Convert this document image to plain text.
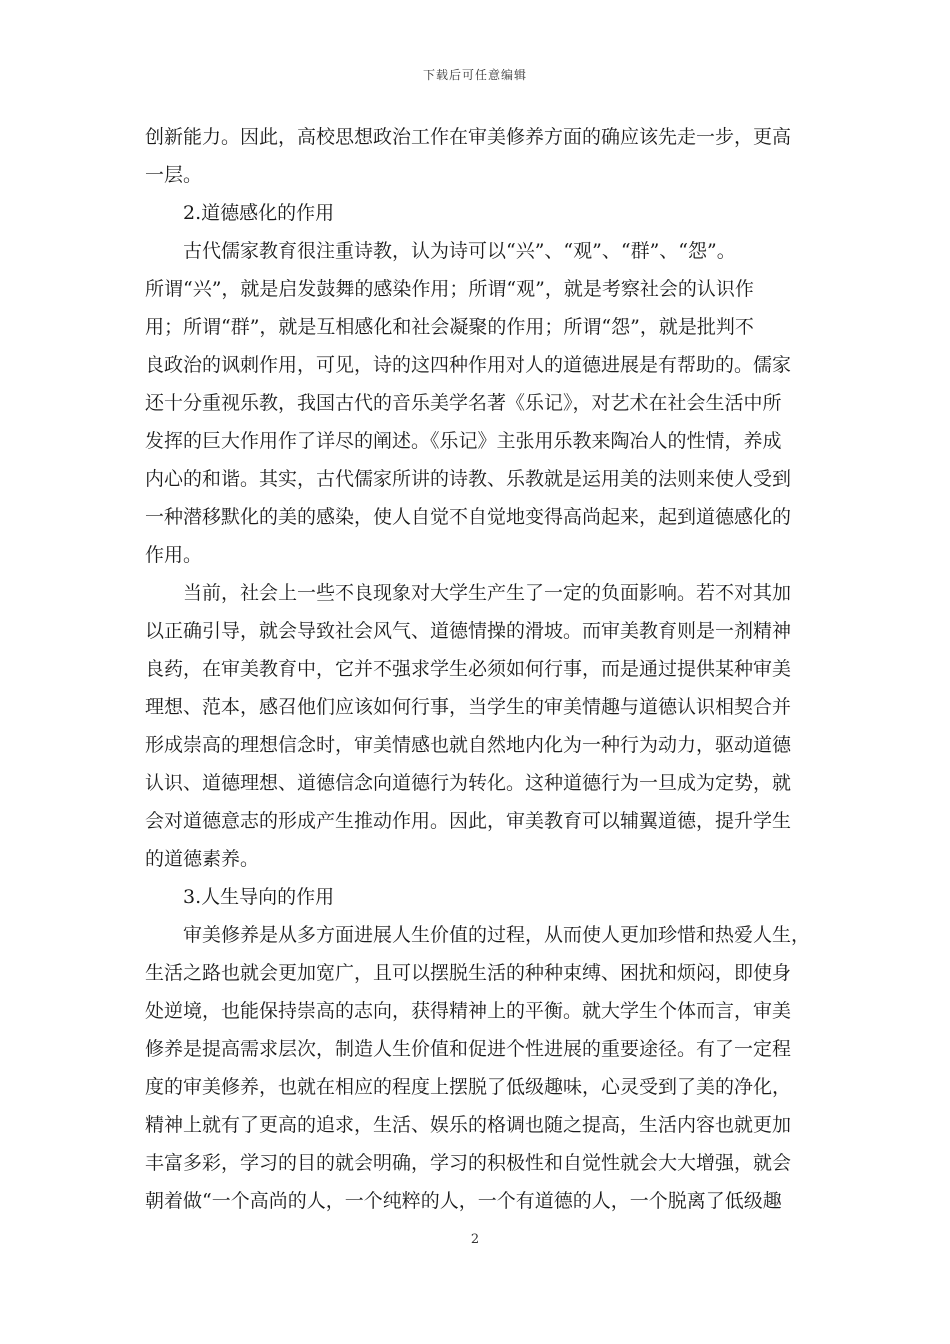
下载后可任意编辑
创新能力。因此，高校思想政治工作在审美修养方面的确应该先走一步，更高
一层。
2.道德感化的作用
古代儒家教育很注重诗教，认为诗可以“兴”、“观”、“群”、“怨”。
所谓“兴”，就是启发鼓舞的感染作用；所谓“观”，就是考察社会的认识作
用；所谓“群”，就是互相感化和社会凝聚的作用；所谓“怨”，就是批判不
良政治的讽刺作用，可见，诗的这四种作用对人的道德进展是有帮助的。儒家
还十分重视乐教，我国古代的音乐美学名著《乐记》，对艺术在社会生活中所
发挥的巨大作用作了详尽的阐述。《乐记》主张用乐教来陶冶人的性情，养成
内心的和谐。其实，古代儒家所讲的诗教、乐教就是运用美的法则来使人受到
一种潜移默化的美的感染，使人自觉不自觉地变得高尚起来，起到道德感化的
作用。
当前，社会上一些不良现象对大学生产生了一定的负面影响。若不对其加
以正确引导，就会导致社会风气、道德情操的滑坡。而审美教育则是一剂精神
良药，在审美教育中，它并不强求学生必须如何行事，而是通过提供某种审美
理想、范本，感召他们应该如何行事，当学生的审美情趣与道德认识相契合并
形成崇高的理想信念时，审美情感也就自然地内化为一种行为动力，驱动道德
认识、道德理想、道德信念向道德行为转化。这种道德行为一旦成为定势，就
会对道德意志的形成产生推动作用。因此，审美教育可以辅翼道德，提升学生
的道德素养。
3.人生导向的作用
审美修养是从多方面进展人生价值的过程，从而使人更加珍惜和热爱人生，
生活之路也就会更加宽广，且可以摆脱生活的种种束缚、困扰和烦闷，即使身
处逆境，也能保持崇高的志向，获得精神上的平衡。就大学生个体而言，审美
修养是提高需求层次，制造人生价值和促进个性进展的重要途径。有了一定程
度的审美修养，也就在相应的程度上摆脱了低级趣味，心灵受到了美的净化，
精神上就有了更高的追求，生活、娱乐的格调也随之提高，生活内容也就更加
丰富多彩，学习的目的就会明确，学习的积极性和自觉性就会大大增强，就会
朝着做“一个高尚的人，一个纯粹的人，一个有道德的人，一个脱离了低级趣
2
